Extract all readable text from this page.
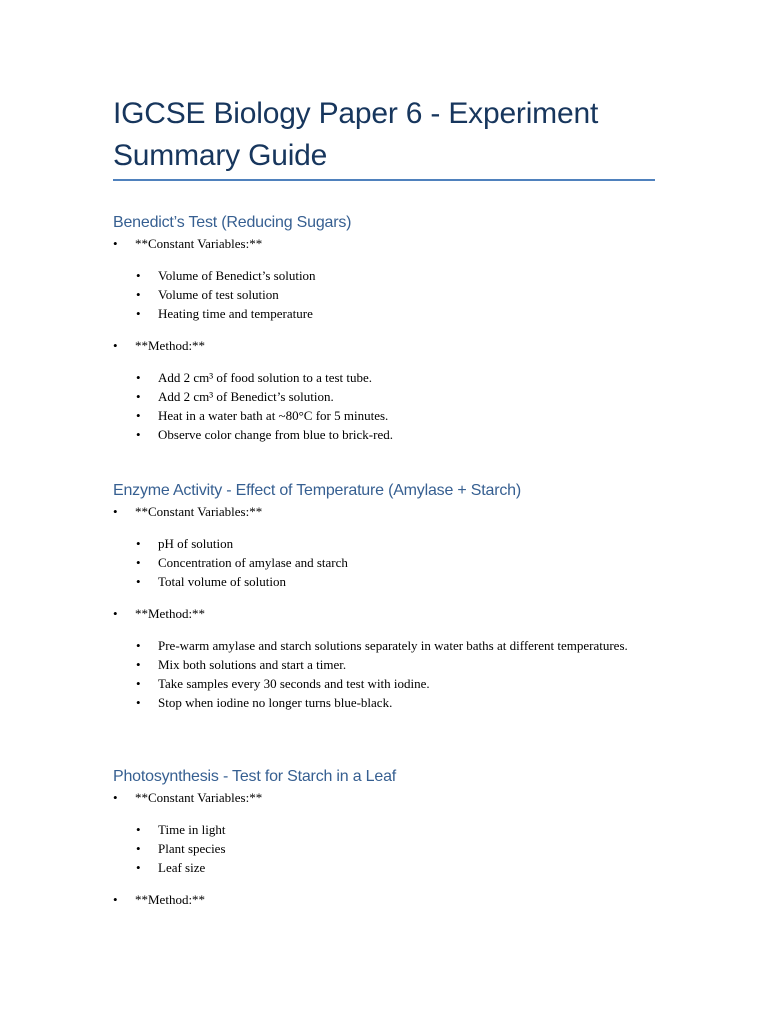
IGCSE Biology Paper 6 - Experiment
Summary Guide
Benedict’s Test (Reducing Sugars)
• **Constant Variables:**
• Volume of Benedict’s solution
• Volume of test solution
• Heating time and temperature
• **Method:**
• Add 2 cm³ of food solution to a test tube.
• Add 2 cm³ of Benedict’s solution.
• Heat in a water bath at ~80°C for 5 minutes.
• Observe color change from blue to brick-red.
Enzyme Activity - Effect of Temperature (Amylase + Starch)
• **Constant Variables:**
• pH of solution
• Concentration of amylase and starch
• Total volume of solution
• **Method:**
• Pre-warm amylase and starch solutions separately in water baths at different temperatures.
• Mix both solutions and start a timer.
• Take samples every 30 seconds and test with iodine.
• Stop when iodine no longer turns blue-black.
Photosynthesis - Test for Starch in a Leaf
• **Constant Variables:**
• Time in light
• Plant species
• Leaf size
• **Method:**
